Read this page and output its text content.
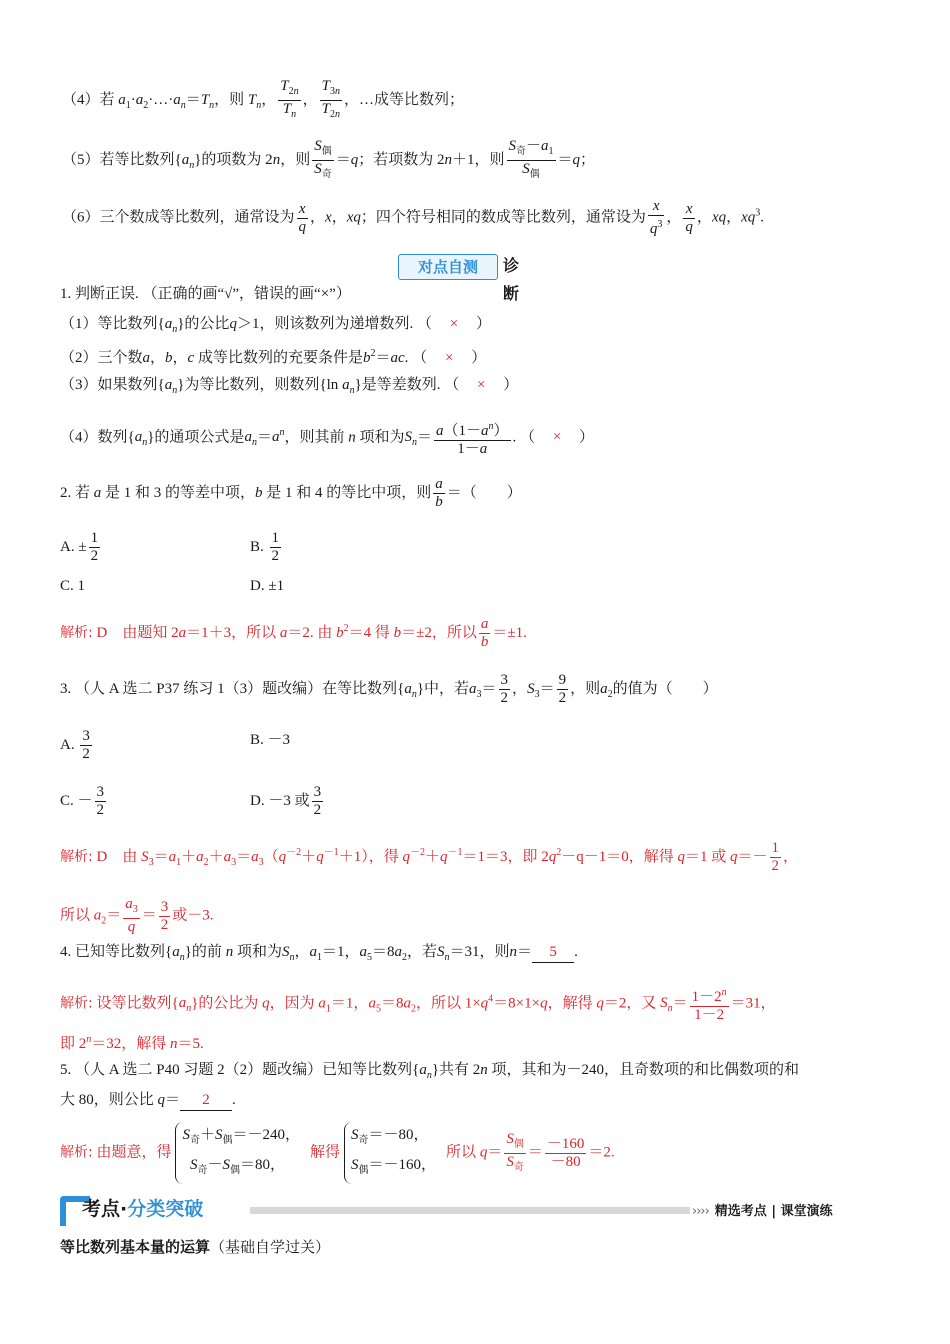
（4）若 $a_1\cdot a_2\cdot\dots\cdot a_n=T_n$，则 $T_n$， $\frac{T_{2n}}{T_n}$ ， $\frac{T_{3n}}{T_{2n}}$ ，…成等比数列；
（5）若等比数列$\{a_n\}$的项数为 2n，则 $\frac{S_偶}{S_奇} =q$；若项数为 2n＋1，则 $\frac{S_奇-a_1}{S_偶} =q$；
（6）三个数成等比数列，通常设为 $\frac{x}{q}$ ，x，xq；四个符号相同的数成等比数列，通常设为 $\frac{x}{q^3}$ ， $\frac{x}{q}$ ，xq，$xq^3$.
对点自测	诊断
1. 判断正误. （正确的画“√”，错误的画“×”）
（1）等比数列$\{a_n\}$的公比q＞1，则该数列为递增数列. （ × ）
（2）三个数a，b，c 成等比数列的充要条件是$b^2=ac$. （ × ）
（3）如果数列$\{a_n\}$为等比数列，则数列{ln $a_n$}是等差数列. （ × ）
（4）数列$\{a_n\}$的通项公式是$a_n=a^n$，则其前 n 项和为$S_n= \frac{a(1-a^n)}{1-a}$ . （ × ）
2. 若 a 是 1 和 3 的等差中项，b 是 1 和 4 的等比中项，则 $\frac{a}{b}$ ＝（　　）
A. ± $\frac{1}{2}$	B. $\frac{1}{2}$
C. 1	D. ±1
解析: D　 由题知 2a＝1＋3，所以 a＝2. 由 $b^2=4$ 得 b＝±2，所以 $\frac{a}{b} =\pm 1$.
3. （人 A 选二 P37 练习 1（3）题改编）在等比数列$\{a_n\}$中，若$a_3= \frac{3}{2}$ ，$S_3= \frac{9}{2}$ ，则$a_2$的值为（　　）
A. $\frac{3}{2}$	B. －3
C. － $\frac{3}{2}$	D. －3 或 $\frac{3}{2}$
解析: D　 由 $S_3=a_1+a_2+a_3=a_3(q^{-2}+q^{-1}+1)$，得 $q^{-2}+q^{-1}=1=3$，即 $2q^2-q-1=0$，解得 q＝1 或 $q=- \frac{1}{2}$ ，
所以 $a_2= \frac{a_3}{q} = \frac{3}{2}$ 或－3.
4. 已知等比数列$\{a_n\}$的前 n 项和为$S_n$，$a_1=1$，$a_5=8a_2$，若$S_n=31$，则n＝ 5 .
解析: 设等比数列$\{a_n\}$的公比为 q，因为 $a_1=1$，$a_5=8a_2$，所以 $1\times q^4=8\times 1\times q$，解得 q＝2，又 $S_n= \frac{1-2^n}{1-2} =31$，
即 $2^n=32$，解得 n＝5.
5. （人 A 选二 P40 习题 2（2）题改编）已知等比数列$\{a_n\}$共有 2n 项，其和为－240，且奇数项的和比偶数项的和
大 80，则公比 q＝ 2 .
解析: 由题意，得$S_奇+S_偶=-240$，
$S_奇-S_偶=80$，解得$S_奇=-80$，
$S_偶=-160$，所以 $q= \frac{S_偶}{S_奇} = \frac{-160}{-80} =2$.
考点·分类突破	›››› 精选考点 | 课堂演练
等比数列基本量的运算（基础自学过关）
